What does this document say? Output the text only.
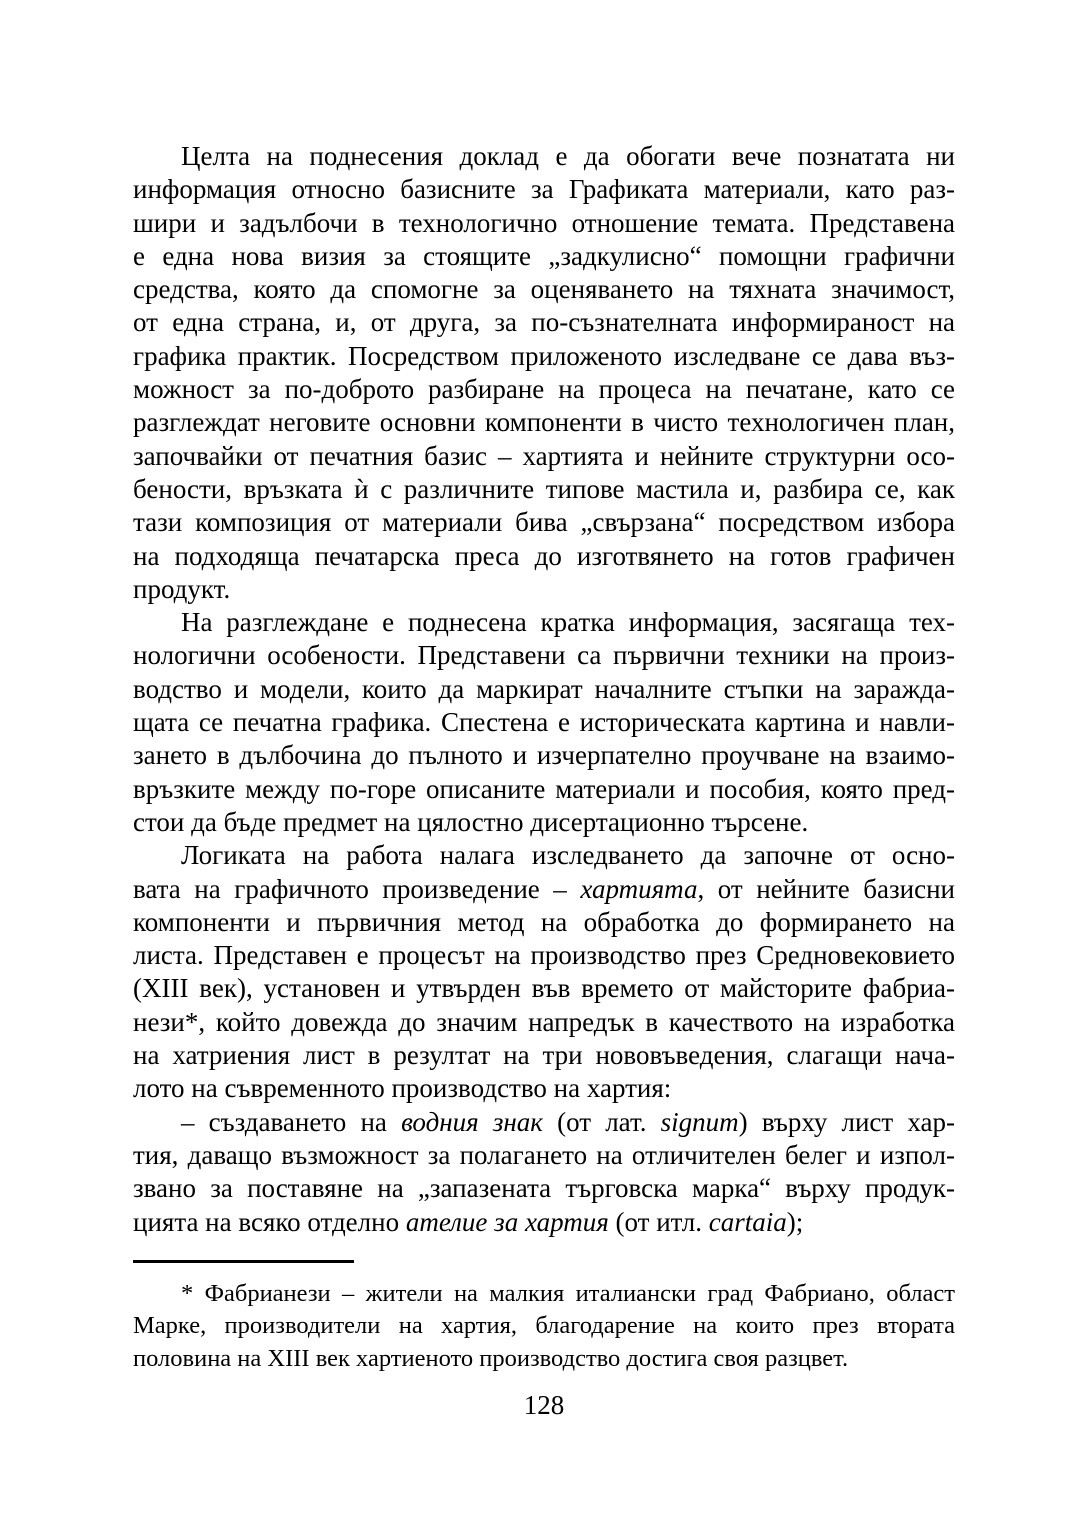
Целта на поднесения доклад е да обогати вече познатата ни
информация относно базисните за Графиката материали, като раз-
шири и задълбочи в технологично отношение темата. Представена
е една нова визия за стоящите „задкулисно“ помощни графични
средства, която да спомогне за оценяването на тяхната значимост,
от една страна, и, от друга, за по-съзнателната информираност на
графика практик. Посредством приложеното изследване се дава въз-
можност за по-доброто разбиране на процеса на печатане, като се
разглеждат неговите основни компоненти в чисто технологичен план,
започвайки от печатния базис – хартията и нейните структурни осо-
бености, връзката ѝ с различните типове мастила и, разбира се, как
тази композиция от материали бива „свързана“ посредством избора
на подходяща печатарска преса до изготвянето на готов графичен
продукт.
На разглеждане е поднесена кратка информация, засягаща тех-
нологични особености. Представени са първични техники на произ-
водство и модели, които да маркират началните стъпки на заражда-
щата се печатна графика. Спестена е историческата картина и навли-
зането в дълбочина до пълното и изчерпателно проучване на взаимо-
връзките между по-горе описаните материали и пособия, която пред-
стои да бъде предмет на цялостно дисертационно търсене.
Логиката на работа налага изследването да започне от осно-
вата на графичното произведение – хартията, от нейните базисни
компоненти и първичния метод на обработка до формирането на
листа. Представен е процесът на производство през Средновековието
(XIII век), установен и утвърден във времето от майсторите фабриа-
нези*, който довежда до значим напредък в качеството на изработка
на хатриения лист в резултат на три нововъведения, слагащи нача-
лото на съвременното производство на хартия:
– създаването на водния знак (от лат. signum) върху лист хар-
тия, даващо възможност за полагането на отличителен белег и изпол-
звано за поставяне на „запазената търговска марка“ върху продук-
цията на всяко отделно ателие за хартия (от итл. cartaia);
* Фабрианези – жители на малкия италиански град Фабриано, област
Марке, производители на хартия, благодарение на които през втората
половина на XIII век хартиеното производство достига своя разцвет.
128
